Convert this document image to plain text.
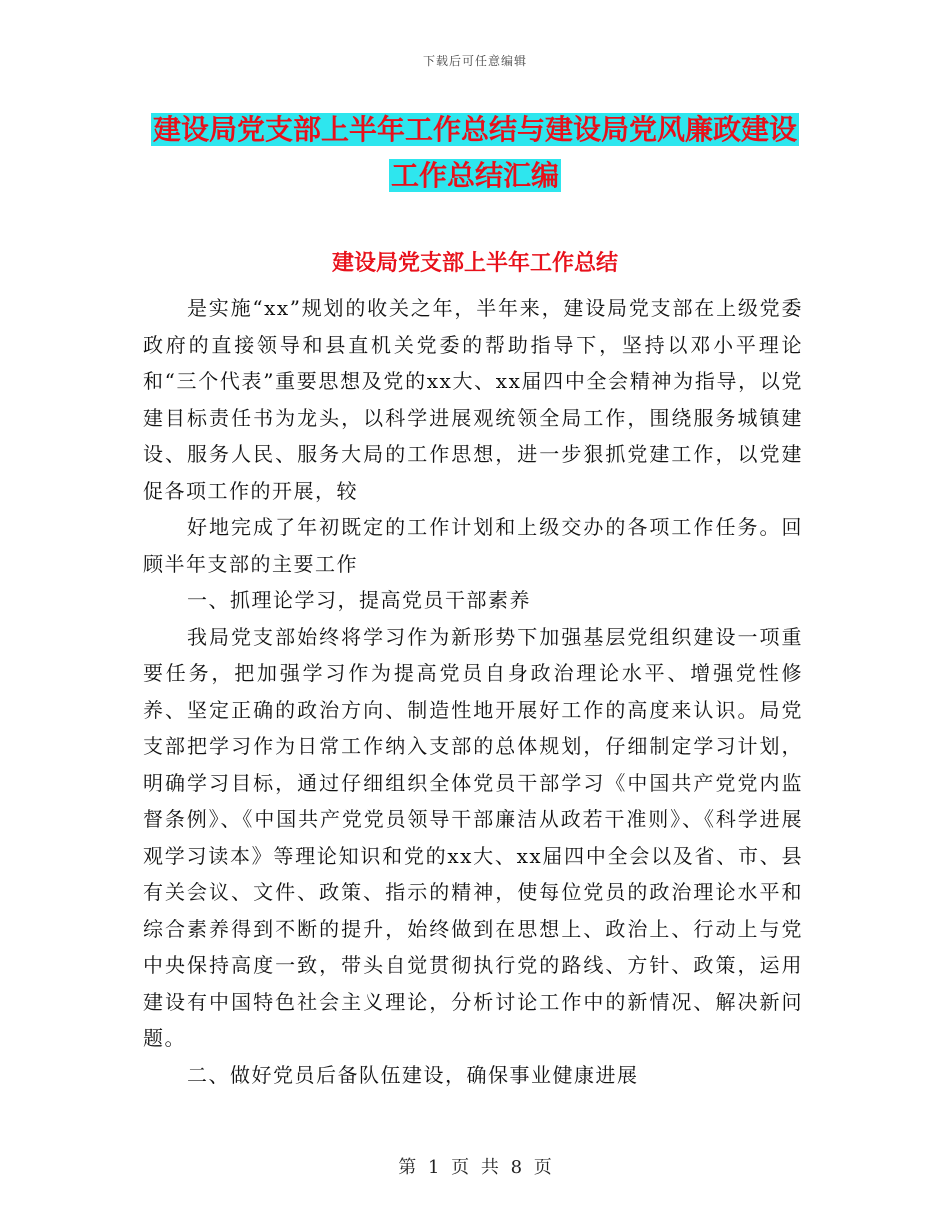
下载后可任意编辑
建设局党支部上半年工作总结与建设局党风廉政建设
工作总结汇编
建设局党支部上半年工作总结

是实施“xx”规划的收关之年，半年来，建设局党支部在上级党委政府的直接领导和县直机关党委的帮助指导下，坚持以邓小平理论和“三个代表”重要思想及党的xx大、xx届四中全会精神为指导，以党建目标责任书为龙头，以科学进展观统领全局工作，围绕服务城镇建设、服务人民、服务大局的工作思想，进一步狠抓党建工作，以党建促各项工作的开展，较

好地完成了年初既定的工作计划和上级交办的各项工作任务。回顾半年支部的主要工作

一、抓理论学习，提高党员干部素养

我局党支部始终将学习作为新形势下加强基层党组织建设一项重要任务，把加强学习作为提高党员自身政治理论水平、增强党性修养、坚定正确的政治方向、制造性地开展好工作的高度来认识。局党支部把学习作为日常工作纳入支部的总体规划，仔细制定学习计划，明确学习目标，通过仔细组织全体党员干部学习《中国共产党党内监督条例》、《中国共产党党员领导干部廉洁从政若干准则》、《科学进展观学习读本》等理论知识和党的xx大、xx届四中全会以及省、市、县有关会议、文件、政策、指示的精神，使每位党员的政治理论水平和综合素养得到不断的提升，始终做到在思想上、政治上、行动上与党中央保持高度一致，带头自觉贯彻执行党的路线、方针、政策，运用建设有中国特色社会主义理论，分析讨论工作中的新情况、解决新问题。

二、做好党员后备队伍建设，确保事业健康进展

第 1 页 共 8 页
